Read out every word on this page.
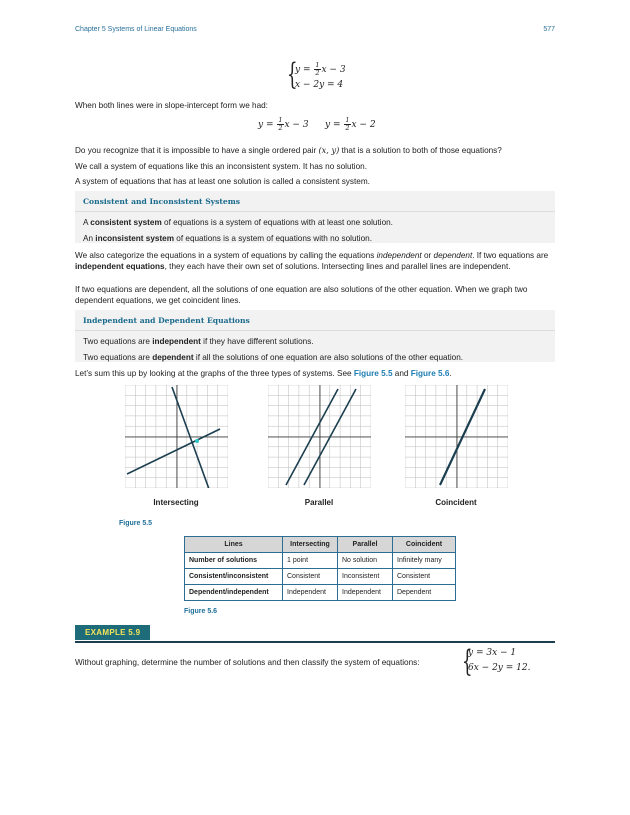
Chapter 5 Systems of Linear Equations	577
{
$y = \frac{1}{2}$ x − 3
x − 2y = 4
When both lines were in slope-intercept form we had:
$y = \frac{1}{2}$ x − 3 $y = \frac{1}{2}$ x − 2
Do you recognize that it is impossible to have a single ordered pair (x, y) that is a solution to both of those equations?
We call a system of equations like this an inconsistent system. It has no solution.
A system of equations that has at least one solution is called a consistent system.
Consistent and Inconsistent Systems
A consistent system of equations is a system of equations with at least one solution.
An inconsistent system of equations is a system of equations with no solution.
We also categorize the equations in a system of equations by calling the equations independent or dependent. If two equations are independent equations, they each have their own set of solutions. Intersecting lines and parallel lines are independent.
If two equations are dependent, all the solutions of one equation are also solutions of the other equation. When we graph two dependent equations, we get coincident lines.
Independent and Dependent Equations
Two equations are independent if they have different solutions.
Two equations are dependent if all the solutions of one equation are also solutions of the other equation.
Let’s sum this up by looking at the graphs of the three types of systems. See Figure 5.5 and Figure 5.6.
Intersecting	Parallel	Coincident
Figure 5.5
Lines	Intersecting	Parallel	Coincident
Number of solutions	1 point	No solution	Infinitely many
Consistent/inconsistent	Consistent	Inconsistent	Consistent
Dependent/independent	Independent	Independent	Dependent
Figure 5.6
EXAMPLE 5.9
Without graphing, determine the number of solutions and then classify the system of equations:	{
y = 3x − 1
6x − 2y = 12.
